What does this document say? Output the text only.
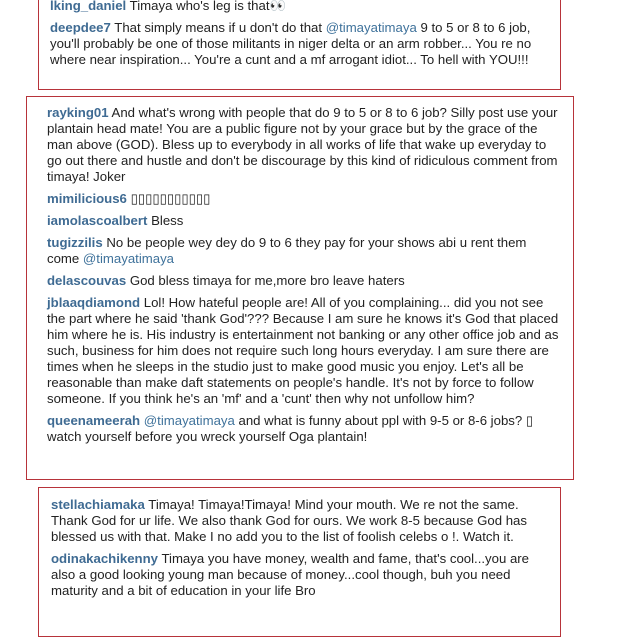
lking_daniel Timaya who's leg is that👀

deepdee7 That simply means if u don't do that @timayatimaya 9 to 5 or 8 to 6 job, you'll probably be one of those militants in niger delta or an arm robber... You re no where near inspiration... You're a cunt and a mf arrogant idiot... To hell with YOU!!!

rayking01 And what's wrong with people that do 9 to 5 or 8 to 6 job? Silly post use your plantain head mate! You are a public figure not by your grace but by the grace of the man above (GOD). Bless up to everybody in all works of life that wake up everyday to go out there and hustle and don't be discourage by this kind of ridiculous comment from timaya! Joker

mimilicious6 ▯▯▯▯▯▯▯▯▯▯▯

iamolascoalbert Bless

tugizzilis No be people wey dey do 9 to 6 they pay for your shows abi u rent them come @timayatimaya

delascouvas God bless timaya for me,more bro leave haters

jblaaqdiamond Lol! How hateful people are! All of you complaining... did you not see the part where he said 'thank God'??? Because I am sure he knows it's God that placed him where he is. His industry is entertainment not banking or any other office job and as such, business for him does not require such long hours everyday. I am sure there are times when he sleeps in the studio just to make good music you enjoy. Let's all be reasonable than make daft statements on people's handle. It's not by force to follow someone. If you think he's an 'mf' and a 'cunt' then why not unfollow him?

queenameerah @timayatimaya and what is funny about ppl with 9-5 or 8-6 jobs? ▯ watch yourself before you wreck yourself Oga plantain!

stellachiamaka Timaya! Timaya!Timaya! Mind your mouth. We re not the same. Thank God for ur life. We also thank God for ours. We work 8-5 because God has blessed us with that. Make I no add you to the list of foolish celebs o !. Watch it.

odinakachikenny Timaya you have money, wealth and fame, that's cool...you are also a good looking young man because of money...cool though, buh you need maturity and a bit of education in your life Bro
